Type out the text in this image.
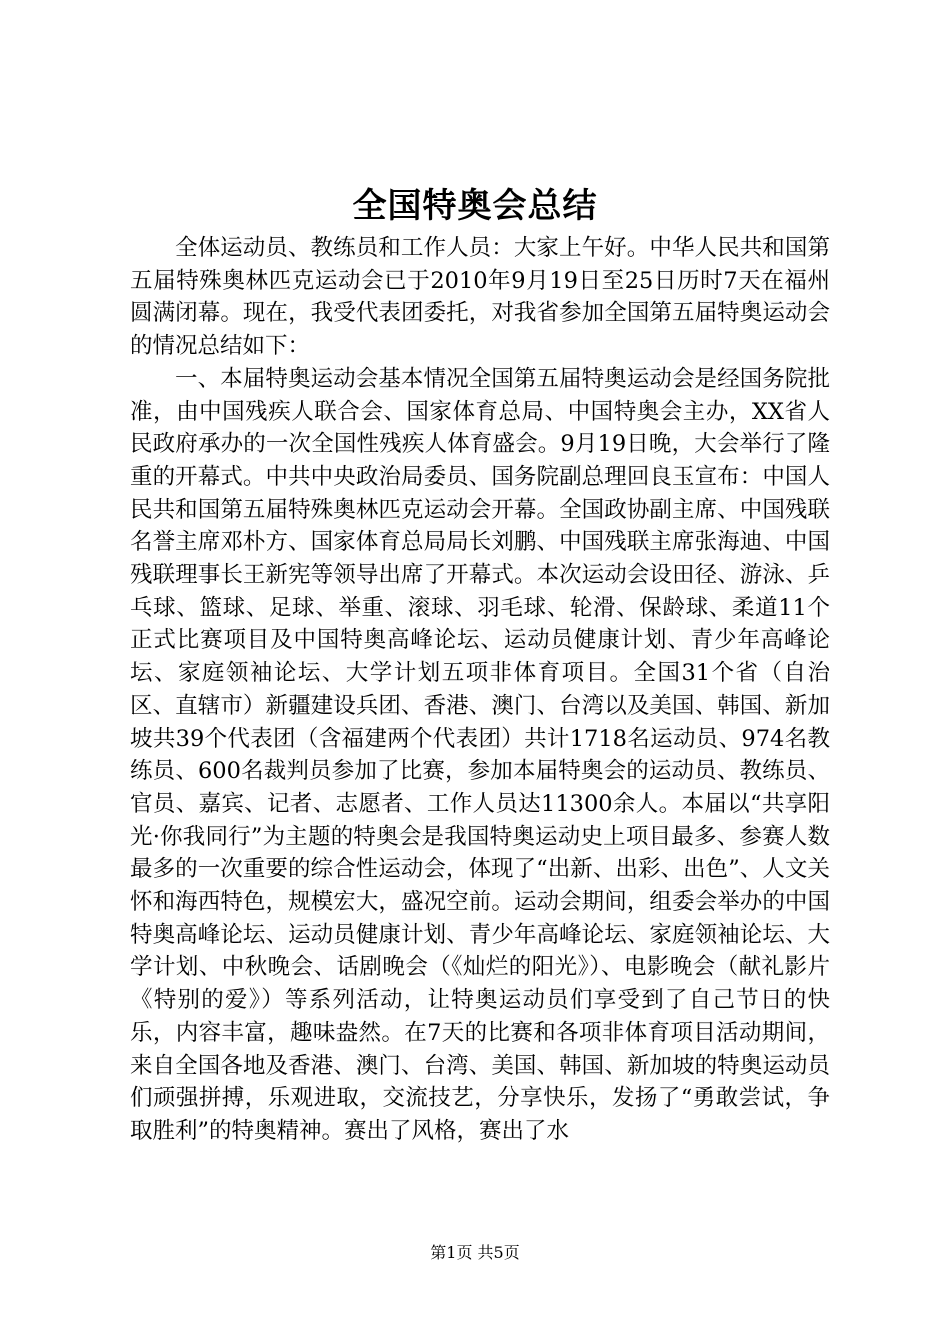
全国特奥会总结

全体运动员、教练员和工作人员：大家上午好。中华人民共和国第五届特殊奥林匹克运动会已于2010年9月19日至25日历时7天在福州圆满闭幕。现在，我受代表团委托，对我省参加全国第五届特奥运动会的情况总结如下：

一、本届特奥运动会基本情况全国第五届特奥运动会是经国务院批准，由中国残疾人联合会、国家体育总局、中国特奥会主办，XX省人民政府承办的一次全国性残疾人体育盛会。9月19日晚，大会举行了隆重的开幕式。中共中央政治局委员、国务院副总理回良玉宣布：中国人民共和国第五届特殊奥林匹克运动会开幕。全国政协副主席、中国残联名誉主席邓朴方、国家体育总局局长刘鹏、中国残联主席张海迪、中国残联理事长王新宪等领导出席了开幕式。本次运动会设田径、游泳、乒乓球、篮球、足球、举重、滚球、羽毛球、轮滑、保龄球、柔道11个正式比赛项目及中国特奥高峰论坛、运动员健康计划、青少年高峰论坛、家庭领袖论坛、大学计划五项非体育项目。全国31个省（自治区、直辖市）新疆建设兵团、香港、澳门、台湾以及美国、韩国、新加坡共39个代表团（含福建两个代表团）共计1718名运动员、974名教练员、600名裁判员参加了比赛，参加本届特奥会的运动员、教练员、官员、嘉宾、记者、志愿者、工作人员达11300余人。本届以“共享阳光·你我同行”为主题的特奥会是我国特奥运动史上项目最多、参赛人数最多的一次重要的综合性运动会，体现了“出新、出彩、出色”、人文关怀和海西特色，规模宏大，盛况空前。运动会期间，组委会举办的中国特奥高峰论坛、运动员健康计划、青少年高峰论坛、家庭领袖论坛、大学计划、中秋晚会、话剧晚会（《灿烂的阳光》）、电影晚会（献礼影片《特别的爱》）等系列活动，让特奥运动员们享受到了自己节日的快乐，内容丰富，趣味盎然。在7天的比赛和各项非体育项目活动期间，来自全国各地及香港、澳门、台湾、美国、韩国、新加坡的特奥运动员们顽强拼搏，乐观进取，交流技艺，分享快乐，发扬了“勇敢尝试，争取胜利”的特奥精神。赛出了风格，赛出了水

第1页 共5页
